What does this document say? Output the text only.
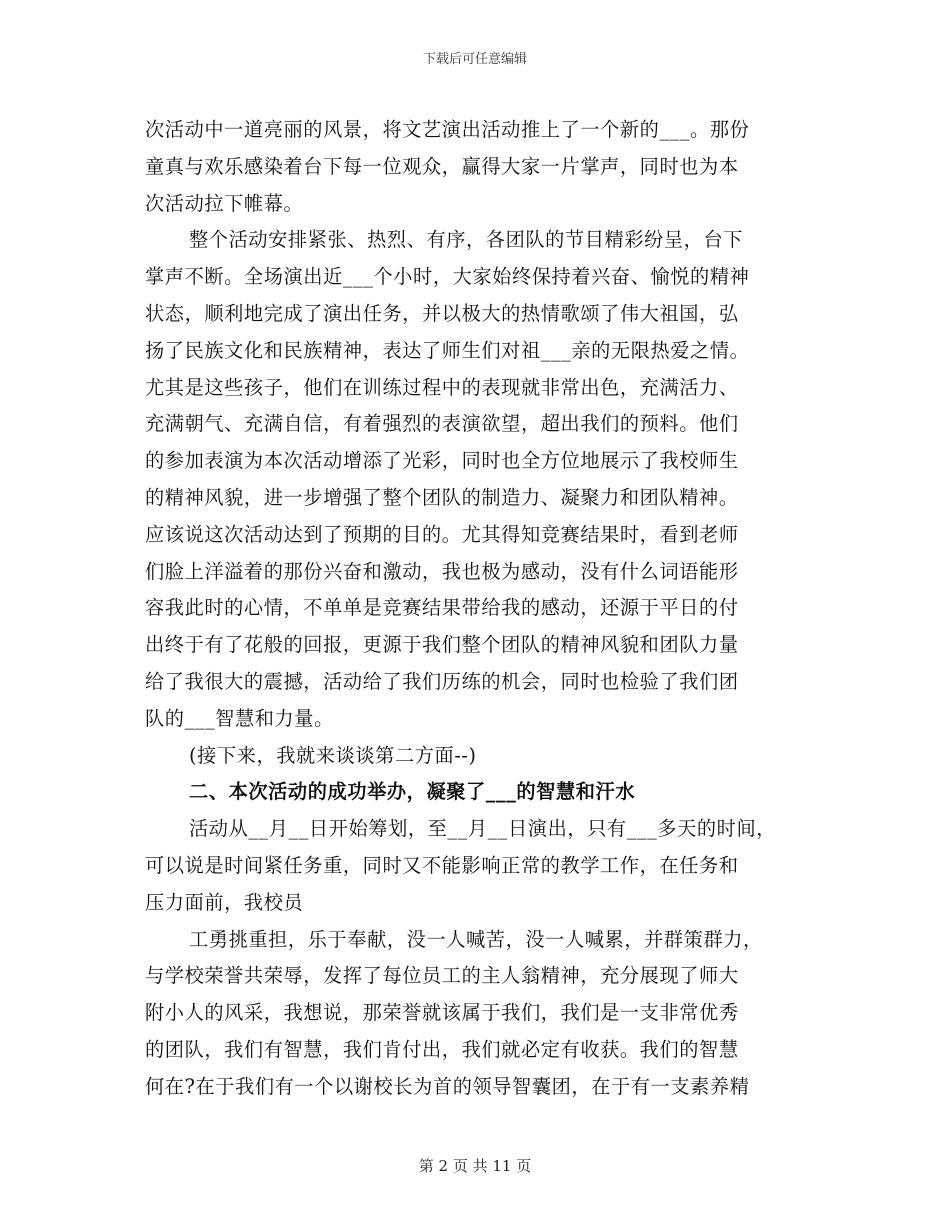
下载后可任意编辑
次活动中一道亮丽的风景，将文艺演出活动推上了一个新的___。那份
童真与欢乐感染着台下每一位观众，赢得大家一片掌声，同时也为本
次活动拉下帷幕。
整个活动安排紧张、热烈、有序，各团队的节目精彩纷呈，台下
掌声不断。全场演出近___个小时，大家始终保持着兴奋、愉悦的精神
状态，顺利地完成了演出任务，并以极大的热情歌颂了伟大祖国，弘
扬了民族文化和民族精神，表达了师生们对祖___亲的无限热爱之情。
尤其是这些孩子，他们在训练过程中的表现就非常出色，充满活力、
充满朝气、充满自信，有着强烈的表演欲望，超出我们的预料。他们
的参加表演为本次活动增添了光彩，同时也全方位地展示了我校师生
的精神风貌，进一步增强了整个团队的制造力、凝聚力和团队精神。
应该说这次活动达到了预期的目的。尤其得知竞赛结果时，看到老师
们脸上洋溢着的那份兴奋和激动，我也极为感动，没有什么词语能形
容我此时的心情，不单单是竞赛结果带给我的感动，还源于平日的付
出终于有了花般的回报，更源于我们整个团队的精神风貌和团队力量
给了我很大的震撼，活动给了我们历练的机会，同时也检验了我们团
队的___智慧和力量。
(接下来，我就来谈谈第二方面--)
二、本次活动的成功举办，凝聚了___的智慧和汗水
活动从__月__日开始筹划，至__月__日演出，只有___多天的时间，
可以说是时间紧任务重，同时又不能影响正常的教学工作，在任务和
压力面前，我校员
工勇挑重担，乐于奉献，没一人喊苦，没一人喊累，并群策群力，
与学校荣誉共荣辱，发挥了每位员工的主人翁精神，充分展现了师大
附小人的风采，我想说，那荣誉就该属于我们，我们是一支非常优秀
的团队，我们有智慧，我们肯付出，我们就必定有收获。我们的智慧
何在?在于我们有一个以谢校长为首的领导智囊团，在于有一支素养精
第 2 页 共 11 页
